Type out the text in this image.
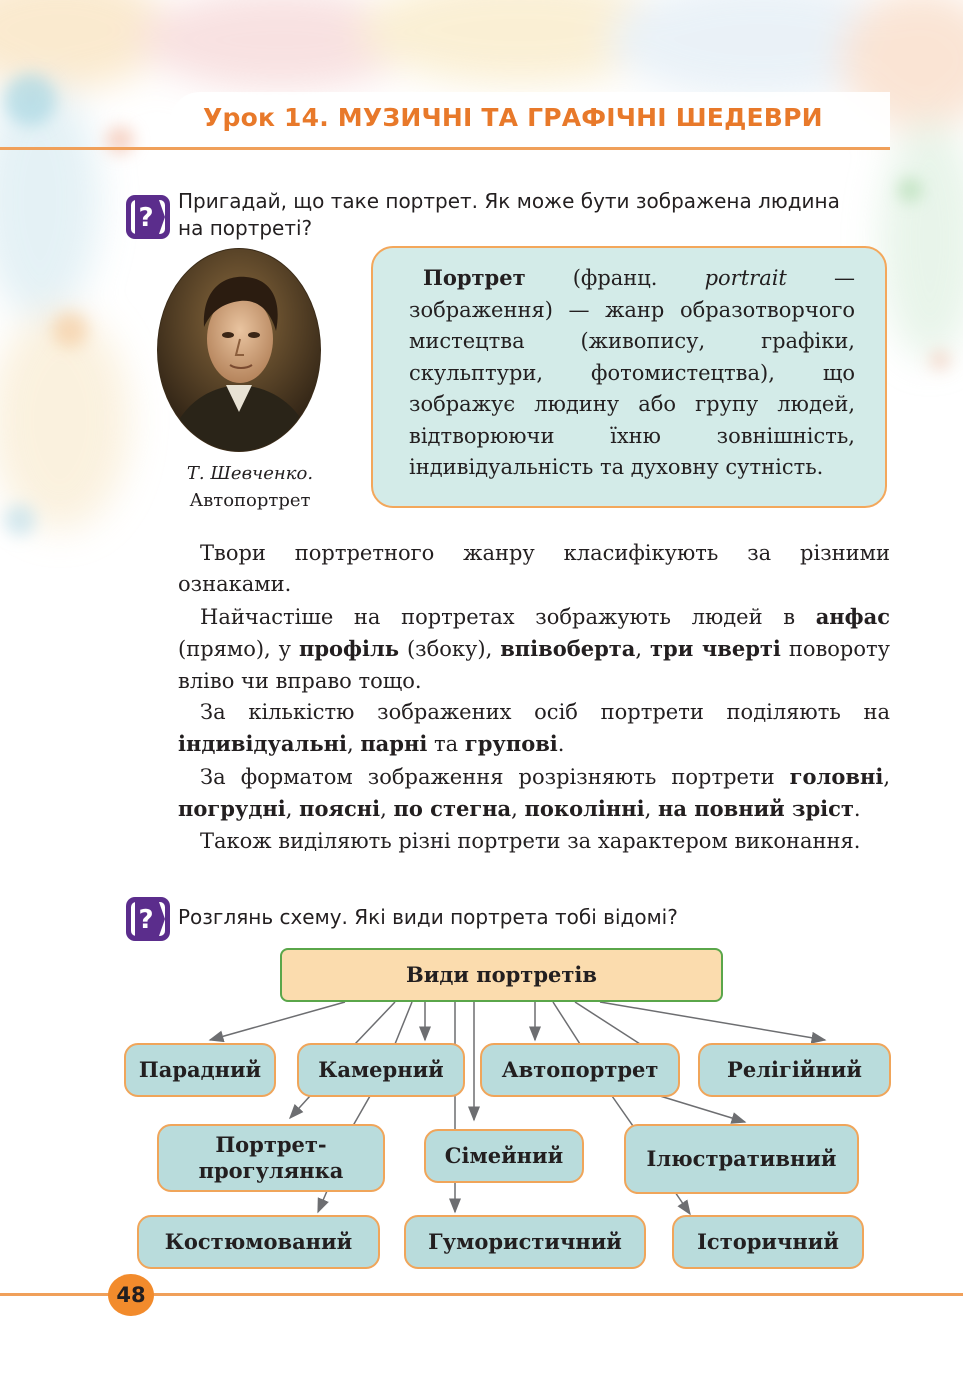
Урок 14. МУЗИЧНІ ТА ГРАФІЧНІ ШЕДЕВРИ
?
Пригадай, що таке портрет. Як може бути зображена людина
на портреті?
Т. Шевченко.
Автопортрет
Портрет (франц. portrait — зображення) — жанр образотворчого мистецтва (живопису, графіки, скульптури, фотомистецтва), що зображує людину або групу людей, відтворюючи їхню зовнішність, індивідуальність та духовну сутність.

Твори портретного жанру класифікують за різними ознаками.

Найчастіше на портретах зображують людей в анфас (прямо), у профіль (збоку), впівоберта, три чверті повороту вліво чи вправо тощо.

За кількістю зображених осіб портрети поділяють на індивідуальні, парні та групові.

За форматом зображення розрізняють портрети головні, погрудні, поясні, по стегна, поколінні, на повний зріст.

Також виділяють різні портрети за характером виконання.

? Розглянь схему. Які види портрета тобі відомі?
Види портретів
Парадний	Камерний	Автопортрет	Релігійний
Портрет-
прогулянка
Сімейний	Ілюстративний
Костюмований	Гумористичний	Історичний
48
